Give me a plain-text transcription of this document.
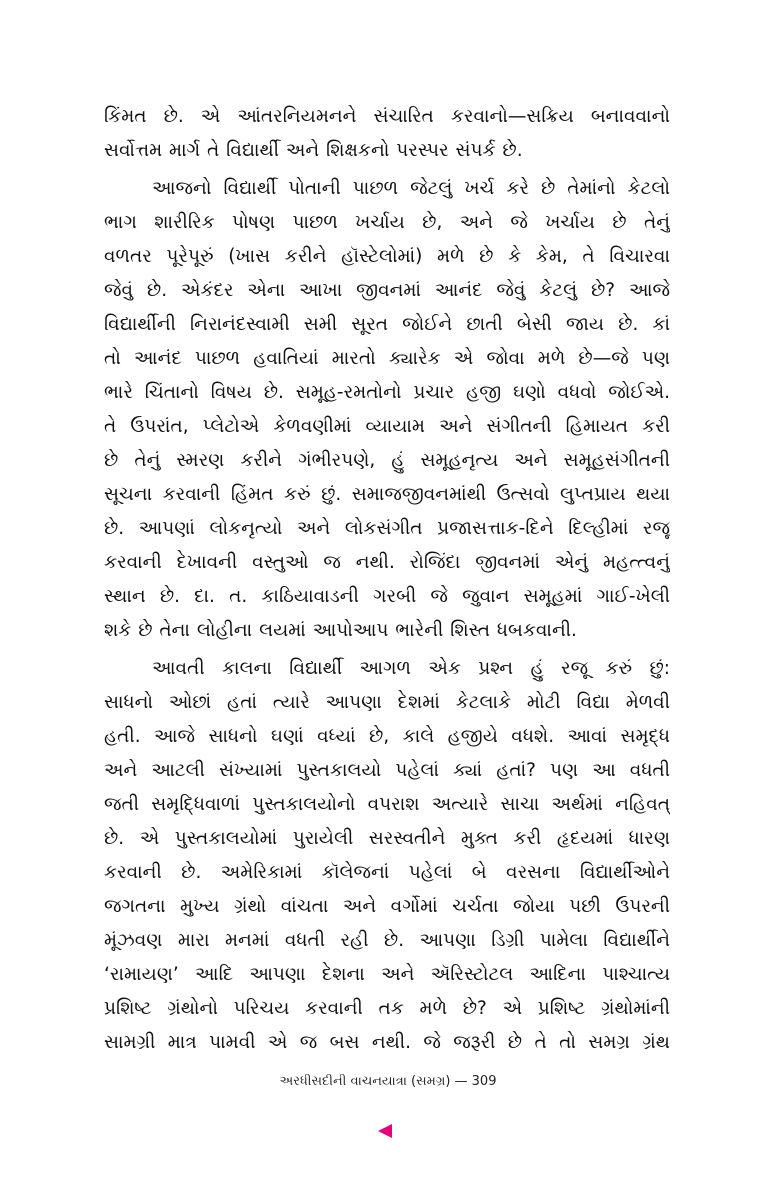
કિંમત છે. એ આંતરનિયમનને સંચારિત કરવાનો—સક્રિય બનાવવાનો
સર્વોત્તમ માર્ગ તે વિદ્યાર્થી અને શિક્ષકનો પરસ્પર સંપર્ક છે.

આજનો વિદ્યાર્થી પોતાની પાછળ જેટલું ખર્ચ કરે છે તેમાંનો કેટલો
ભાગ શારીરિક પોષણ પાછળ ખર્ચાય છે, અને જે ખર્ચાય છે તેનું
વળતર પૂરેપૂરું (ખાસ કરીને હૉસ્ટેલોમાં) મળે છે કે કેમ, તે વિચારવા
જેવું છે. એકંદર એના આખા જીવનમાં આનંદ જેવું કેટલું છે? આજે
વિદ્યાર્થીની નિરાનંદસ્વામી સમી સૂરત જોઈને છાતી બેસી જાય છે. કાં
તો આનંદ પાછળ હવાતિયાં મારતો ક્યારેક એ જોવા મળે છે—જે પણ
ભારે ચિંતાનો વિષય છે. સમૂહ-રમતોનો પ્રચાર હજી ઘણો વધવો જોઈએ.
તે ઉપરાંત, પ્લેટોએ કેળવણીમાં વ્યાયામ અને સંગીતની હિમાયત કરી
છે તેનું સ્મરણ કરીને ગંભીરપણે, હું સમૂહનૃત્ય અને સમૂહસંગીતની
સૂચના કરવાની હિંમત કરું છું. સમાજજીવનમાંથી ઉત્સવો લુપ્તપ્રાય થયા
છે. આપણાં લોકનૃત્યો અને લોકસંગીત પ્રજાસત્તાક-દિને દિલ્હીમાં રજૂ
કરવાની દેખાવની વસ્તુઓ જ નથી. રોજિંદા જીવનમાં એનું મહત્ત્વનું
સ્થાન છે. દા. ત. કાઠિયાવાડની ગરબી જે જુવાન સમૂહમાં ગાઈ-ખેલી
શકે છે તેના લોહીના લયમાં આપોઆપ ભારેની શિસ્ત ધબકવાની.

આવતી કાલના વિદ્યાર્થી આગળ એક પ્રશ્ન હું રજૂ કરું છું:
સાધનો ઓછાં હતાં ત્યારે આપણા દેશમાં કેટલાકે મોટી વિદ્યા મેળવી
હતી. આજે સાધનો ઘણાં વધ્યાં છે, કાલે હજીયે વધશે. આવાં સમૃદ્ધ
અને આટલી સંખ્યામાં પુસ્તકાલયો પહેલાં ક્યાં હતાં? પણ આ વધતી
જતી સમૃદ્ધિવાળાં પુસ્તકાલયોનો વપરાશ અત્યારે સાચા અર્થમાં નહિવત્
છે. એ પુસ્તકાલયોમાં પુરાયેલી સરસ્વતીને મુક્ત કરી હૃદયમાં ધારણ
કરવાની છે. અમેરિકામાં કૉલેજનાં પહેલાં બે વરસના વિદ્યાર્થીઓને
જગતના મુખ્ય ગ્રંથો વાંચતા અને વર્ગોમાં ચર્ચતા જોયા પછી ઉપરની
મૂંઝવણ મારા મનમાં વધતી રહી છે. આપણા ડિગ્રી પામેલા વિદ્યાર્થીને
‘રામાયણ’ આદિ આપણા દેશના અને ઍરિસ્ટોટલ આદિના પાશ્ચાત્ય
પ્રશિષ્ટ ગ્રંથોનો પરિચય કરવાની તક મળે છે? એ પ્રશિષ્ટ ગ્રંથોમાંની
સામગ્રી માત્ર પામવી એ જ બસ નથી. જે જરૂરી છે તે તો સમગ્ર ગ્રંથ

અરધીસદીની વાચનયાત્રા (સમગ્ર) — 309
